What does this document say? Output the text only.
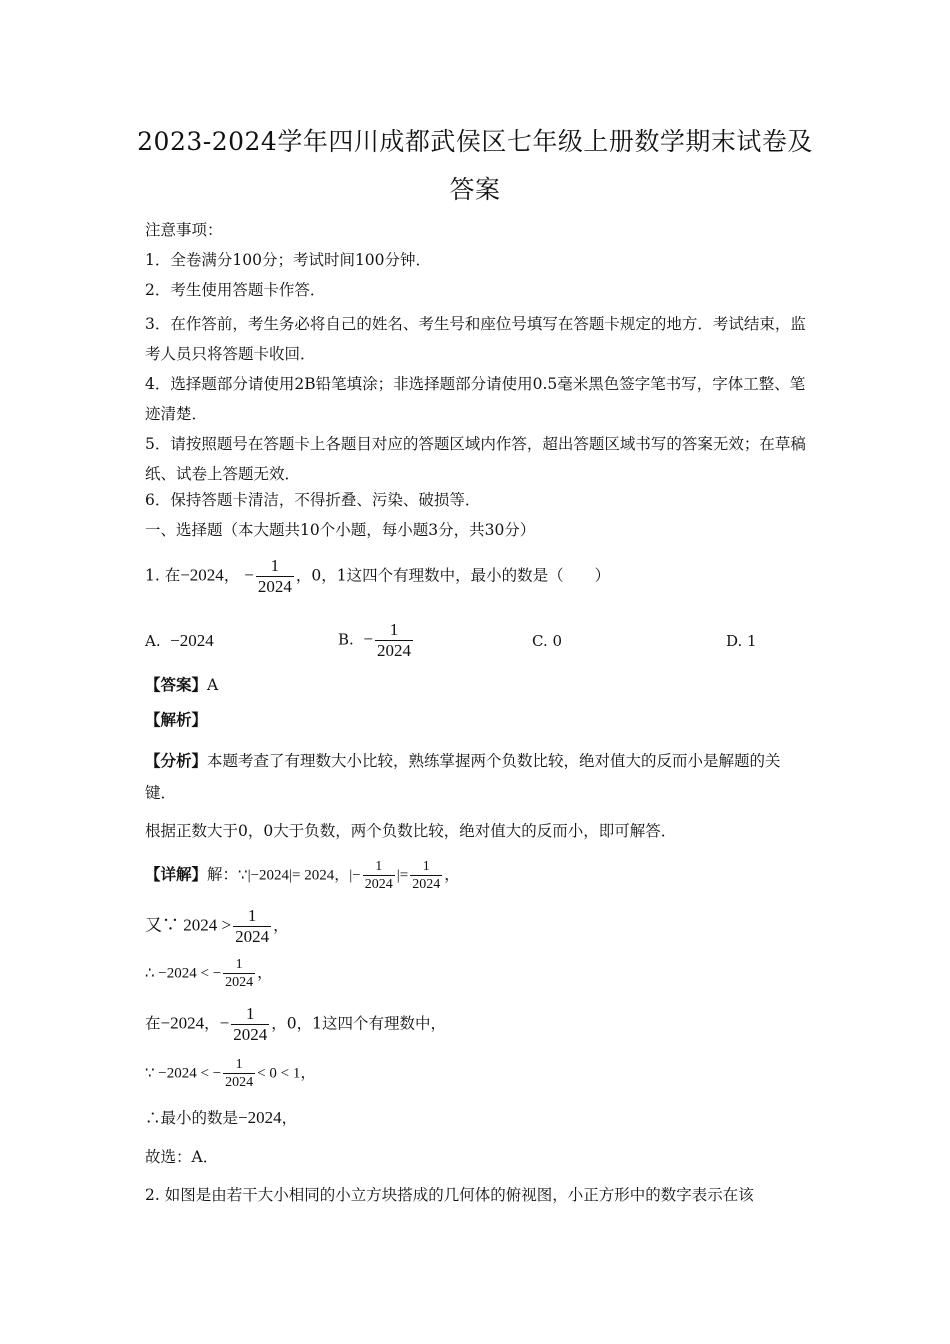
2023-2024学年四川成都武侯区七年级上册数学期末试卷及
答案
注意事项：
1．全卷满分100分；考试时间100分钟．
2．考生使用答题卡作答．
3．在作答前，考生务必将自己的姓名、考生号和座位号填写在答题卡规定的地方．考试结束，监考人员只将答题卡收回．
4．选择题部分请使用2B铅笔填涂；非选择题部分请使用0.5毫米黑色签字笔书写，字体工整、笔迹清楚．
5．请按照题号在答题卡上各题目对应的答题区域内作答，超出答题区域书写的答案无效；在草稿纸、试卷上答题无效．
6．保持答题卡清洁，不得折叠、污染、破损等．
一、选择题（本大题共10个小题，每小题3分，共30分）
1. 在−2024， − $\frac{1}{2024}$ ，0，1这四个有理数中，最小的数是（　　）
A. −2024	B. − $\frac{1}{2024}$	C. 0	D. 1
【答案】A
【解析】
【分析】本题考查了有理数大小比较，熟练掌握两个负数比较，绝对值大的反而小是解题的关键．
根据正数大于0，0大于负数，两个负数比较，绝对值大的反而小，即可解答．
【详解】解：∵|−2024|= 2024，|− $\frac{1}{2024}$ |= $\frac{1}{2024}$ ，
又∵ $2024 > \frac{1}{2024}$ ，
∴ −2024 < − $\frac{1}{2024}$ ，
在−2024，− $\frac{1}{2024}$ ，0，1这四个有理数中，
∵ −2024 < − $\frac{1}{2024} < 0 < 1$，
∴最小的数是−2024，
故选：A．
2. 如图是由若干大小相同的小立方块搭成的几何体的俯视图，小正方形中的数字表示在该
